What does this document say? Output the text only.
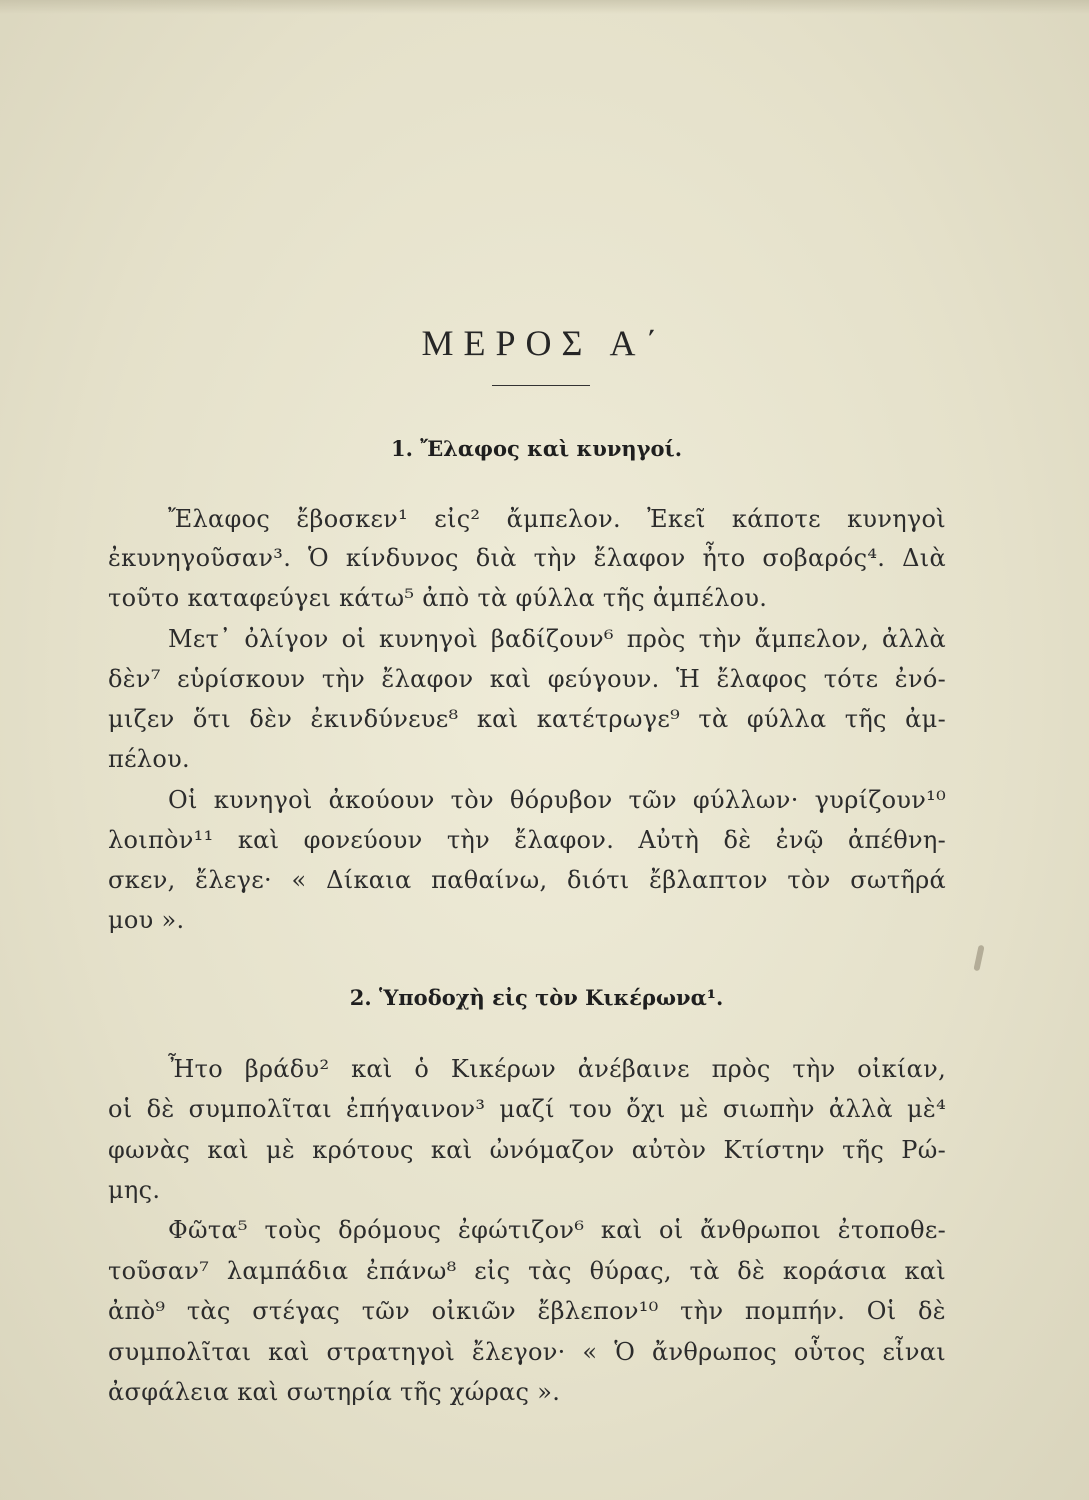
ΜΕΡΟΣ Α΄
1. Ἔλαφος καὶ κυνηγοί.
Ἔλαφος ἔβοσκεν¹ εἰς² ἄμπελον. Ἐκεῖ κάποτε κυνηγοὶ
ἐκυνηγοῦσαν³. Ὁ κίνδυνος διὰ τὴν ἔλαφον ἦτο σοβαρός⁴. Διὰ
τοῦτο καταφεύγει κάτω⁵ ἀπὸ τὰ φύλλα τῆς ἀμπέλου.
Μετ᾽ ὀλίγον οἱ κυνηγοὶ βαδίζουν⁶ πρὸς τὴν ἄμπελον, ἀλλὰ
δὲν⁷ εὑρίσκουν τὴν ἔλαφον καὶ φεύγουν. Ἡ ἔλαφος τότε ἐνό-
μιζεν ὅτι δὲν ἐκινδύνευε⁸ καὶ κατέτρωγε⁹ τὰ φύλλα τῆς ἀμ-
πέλου.
Οἱ κυνηγοὶ ἀκούουν τὸν θόρυβον τῶν φύλλων· γυρίζουν¹⁰
λοιπὸν¹¹ καὶ φονεύουν τὴν ἔλαφον. Αὐτὴ δὲ ἐνῷ ἀπέθνη-
σκεν, ἔλεγε· « Δίκαια παθαίνω, διότι ἔβλαπτον τὸν σωτῆρά
μου ».
2. Ὑποδοχὴ εἰς τὸν Κικέρωνα¹.
Ἦτο βράδυ² καὶ ὁ Κικέρων ἀνέβαινε πρὸς τὴν οἰκίαν,
οἱ δὲ συμπολῖται ἐπήγαινον³ μαζί του ὄχι μὲ σιωπὴν ἀλλὰ μὲ⁴
φωνὰς καὶ μὲ κρότους καὶ ὠνόμαζον αὐτὸν Κτίστην τῆς Ρώ-
μης.
Φῶτα⁵ τοὺς δρόμους ἐφώτιζον⁶ καὶ οἱ ἄνθρωποι ἐτοποθε-
τοῦσαν⁷ λαμπάδια ἐπάνω⁸ εἰς τὰς θύρας, τὰ δὲ κοράσια καὶ
ἀπὸ⁹ τὰς στέγας τῶν οἰκιῶν ἔβλεπον¹⁰ τὴν πομπήν. Οἱ δὲ
συμπολῖται καὶ στρατηγοὶ ἔλεγον· « Ὁ ἄνθρωπος οὗτος εἶναι
ἀσφάλεια καὶ σωτηρία τῆς χώρας ».
